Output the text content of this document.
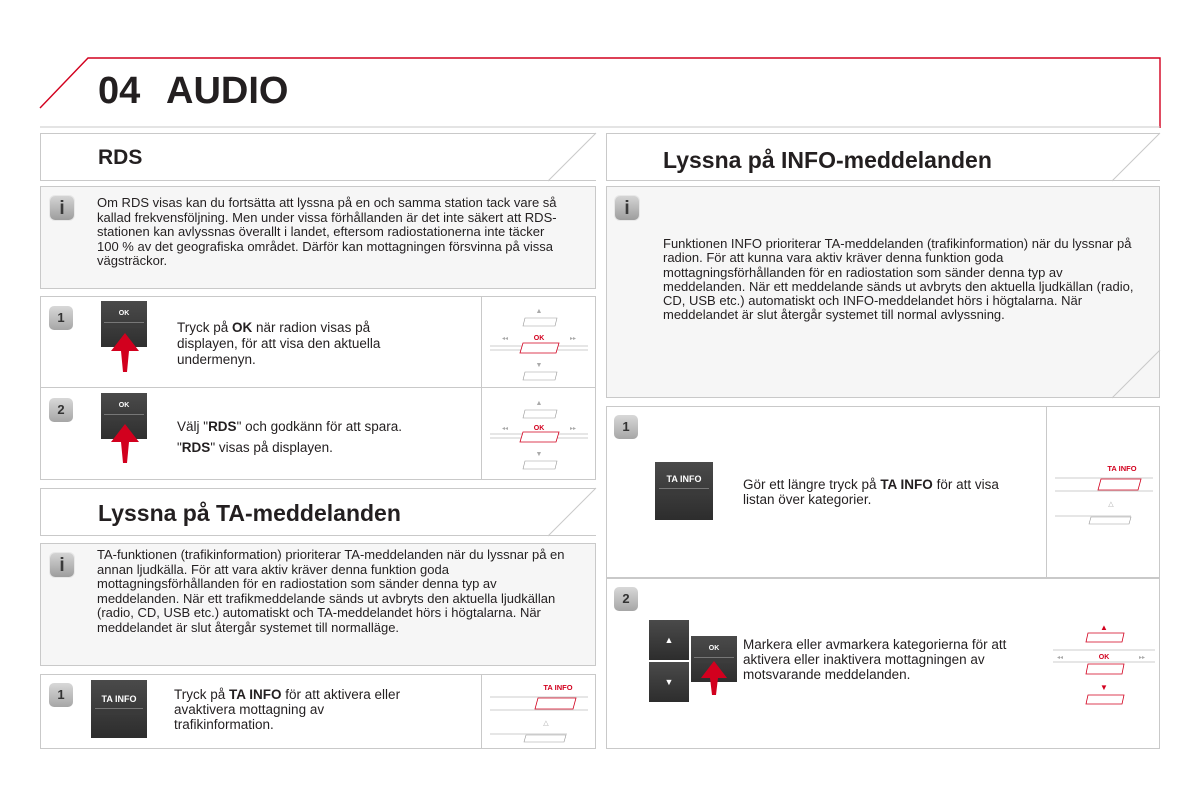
04 AUDIO
RDS
i	Om RDS visas kan du fortsätta att lyssna på en och samma station tack vare så kallad frekvensföljning. Men under vissa förhållanden är det inte säkert att RDS-stationen kan avlyssnas överallt i landet, eftersom radiostationerna inte täcker 100 % av det geografiska området. Därför kan mottagningen försvinna på vissa vägsträckor.
1	OK
Tryck på OK när radion visas på displayen, för att visa den aktuella undermenyn.
▲
◂◂	▸▸
OK
▼
2	OK
Välj "RDS" och godkänn för att spara.
"RDS" visas på displayen.
▲
◂◂	▸▸
OK
▼
Lyssna på TA-meddelanden
i
TA-funktionen (trafikinformation) prioriterar TA-meddelanden när du lyssnar på en annan ljudkälla. För att vara aktiv kräver denna funktion goda mottagningsförhållanden för en radiostation som sänder denna typ av meddelanden. När ett trafikmeddelande sänds ut avbryts den aktuella ljudkällan (radio, CD, USB etc.) automatiskt och TA-meddelandet hörs i högtalarna. När meddelandet är slut återgår systemet till normalläge.
1	TA INFO	Tryck på TA INFO för att aktivera eller avaktivera mottagning av trafikinformation.
TA INFO
△
Lyssna på INFO-meddelanden
i
Funktionen INFO prioriterar TA-meddelanden (trafikinformation) när du lyssnar på radion. För att kunna vara aktiv kräver denna funktion goda mottagningsförhållanden för en radiostation som sänder denna typ av meddelanden. När ett meddelande sänds ut avbryts den aktuella ljudkällan (radio, CD, USB etc.) automatiskt och INFO-meddelandet hörs i högtalarna. När meddelandet är slut återgår systemet till normal avlyssning.
1
TA INFO	Gör ett längre tryck på TA INFO för att visa listan över kategorier.
TA INFO
△
2
▲
▼
OK	Markera eller avmarkera kategorierna för att aktivera eller inaktivera mottagningen av motsvarande meddelanden.
▲
◂◂	▸▸
OK
▼
